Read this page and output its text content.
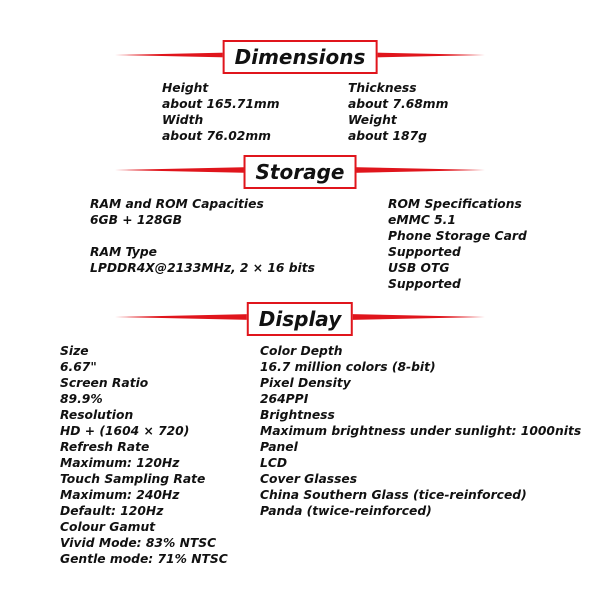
Dimensions
Height
about 165.71mm
Width
about 76.02mm
Thickness
about 7.68mm
Weight
about 187g
Storage
RAM and ROM Capacities
6GB + 128GB
RAM Type
LPDDR4X@2133MHz, 2 × 16 bits
ROM Specifications
eMMC 5.1
Phone Storage Card
Supported
USB OTG
Supported
Display
Size
6.67"
Screen Ratio
89.9%
Resolution
HD + (1604 × 720)
Refresh Rate
Maximum: 120Hz
Touch Sampling Rate
Maximum: 240Hz
Default: 120Hz
Colour Gamut
Vivid Mode: 83% NTSC
Gentle mode: 71% NTSC
Color Depth
16.7 million colors (8-bit)
Pixel Density
264PPI
Brightness
Maximum brightness under sunlight: 1000nits
Panel
LCD
Cover Glasses
China Southern Glass (tice-reinforced)
Panda (twice-reinforced)
